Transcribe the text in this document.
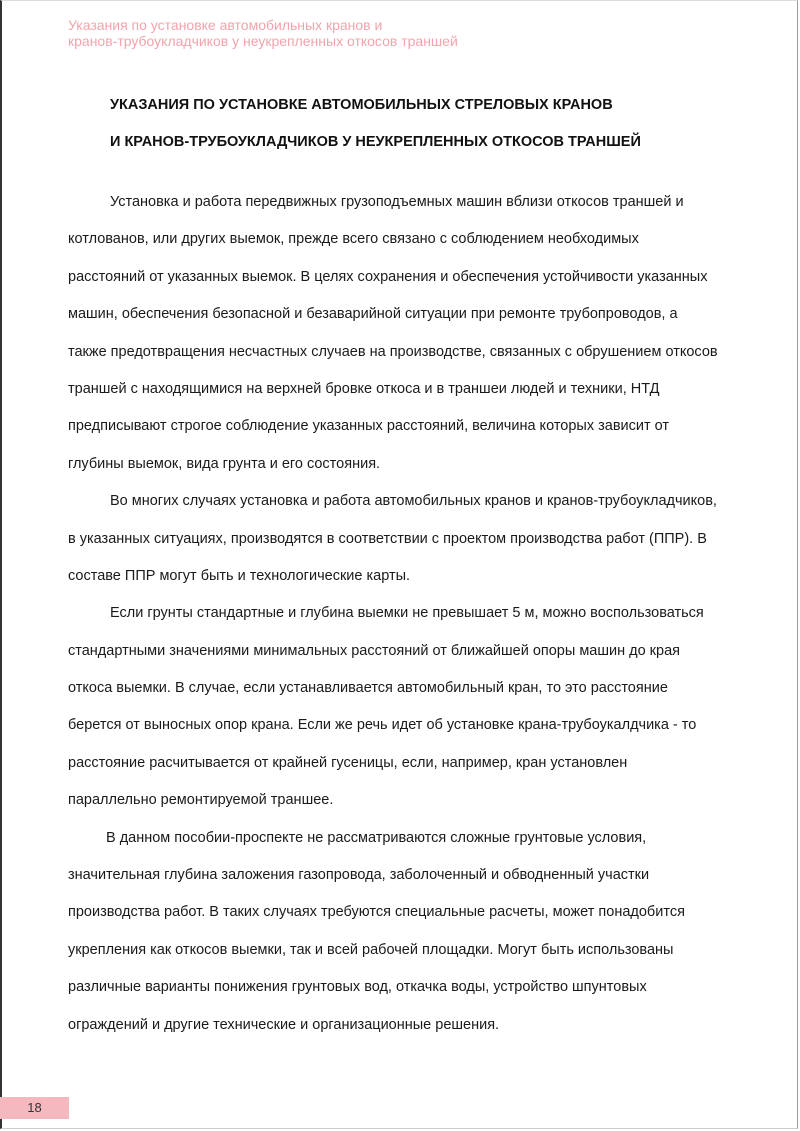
Указания по установке автомобильных кранов и
кранов-трубоукладчиков у неукрепленных откосов траншей
УКАЗАНИЯ ПО УСТАНОВКЕ АВТОМОБИЛЬНЫХ СТРЕЛОВЫХ КРАНОВ
И КРАНОВ-ТРУБОУКЛАДЧИКОВ У НЕУКРЕПЛЕННЫХ ОТКОСОВ ТРАНШЕЙ
Установка и работа передвижных грузоподъемных машин вблизи откосов траншей и
котлованов, или других выемок, прежде всего связано с соблюдением необходимых
расстояний от указанных выемок. В целях сохранения и обеспечения устойчивости указанных
машин, обеспечения безопасной и безаварийной ситуации при ремонте трубопроводов, а
также предотвращения несчастных случаев на производстве, связанных с обрушением откосов
траншей с находящимися на верхней бровке откоса и в траншеи людей и техники, НТД
предписывают строгое соблюдение указанных расстояний, величина которых зависит от
глубины выемок, вида грунта и его состояния.
Во многих случаях установка и работа автомобильных кранов и кранов-трубоукладчиков,
в указанных ситуациях, производятся в соответствии с проектом производства работ (ППР). В
составе ППР могут быть и технологические карты.
Если грунты стандартные и глубина выемки не превышает 5 м, можно воспользоваться
стандартными значениями минимальных расстояний от ближайшей опоры машин до края
откоса выемки. В случае, если устанавливается автомобильный кран, то это расстояние
берется от выносных опор крана. Если же речь идет об установке крана-трубоукалдчика - то
расстояние расчитывается от крайней гусеницы, если, например, кран установлен
параллельно ремонтируемой траншее.
В данном пособии-проспекте не рассматриваются сложные грунтовые условия,
значительная глубина заложения газопровода, заболоченный и обводненный участки
производства работ. В таких случаях требуются специальные расчеты, может понадобится
укрепления как откосов выемки, так и всей рабочей площадки. Могут быть использованы
различные варианты понижения грунтовых вод, откачка воды, устройство шпунтовых
ограждений и другие технические и организационные решения.
18
